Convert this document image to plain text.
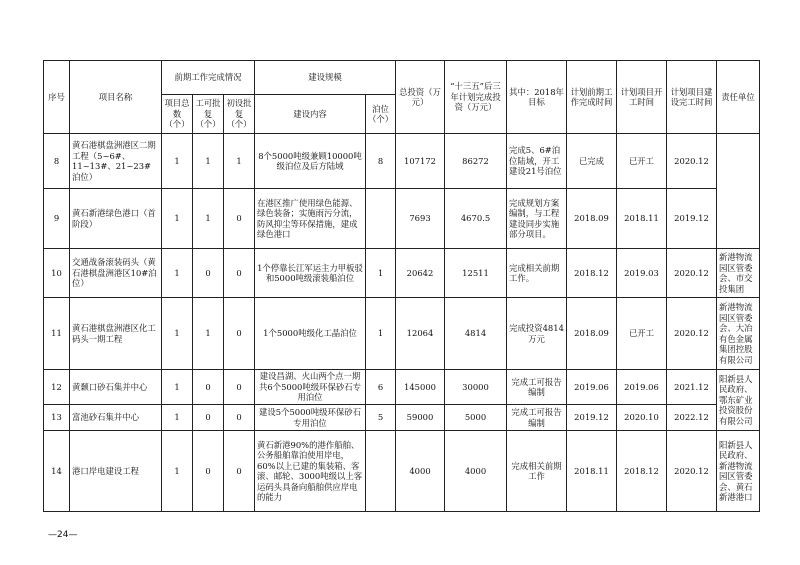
序号	项目名称	前期工作完成情况			建设规模		总投资（万元）	“十三五”后三年计划完成投资（万元）	其中：2018年目标	计划前期工作完成时间	计划项目开工时间	计划项目建设完工时间	责任单位
		项目总数（个）	工可批复（个）	初设批复（个）	建设内容	泊位（个）							
8	黄石港棋盘洲港区二期工程（5~6#、11~13#、21~23#泊位）	1	1	1	8个5000吨级兼顾10000吨级泊位及后方陆域	8	107172	86272	完成5、6#泊位陆域，开工建设21号泊位	已完成	已开工	2020.12	
9	黄石新港绿色港口（首阶段）	1	1	0	在港区推广使用绿色能源、绿色装备；实施雨污分流，防风抑尘等环保措施，建成绿色港口		7693	4670.5	完成规划方案编制，与工程建设同步实施部分项目。	2018.09	2018.11	2019.12	
10	交通战备滚装码头（黄石港棋盘洲港区10#泊位）	1	0	0	1个停靠长江军运主力甲板驳和5000吨级滚装船泊位	1	20642	12511	完成相关前期工作。	2018.12	2019.03	2020.12	新港物流园区管委会、市交投集团
11	黄石港棋盘洲港区化工码头一期工程	1	1	0	1个5000吨级化工晶泊位	1	12064	4814	完成投资4814万元	2018.09	已开工	2020.12	新港物流园区管委会、大冶有色金属集团控股有限公司
12	黄颡口砂石集并中心	1	0	0	建设昌湖、火山两个点一期共6个5000吨级环保砂石专用泊位	6	145000	30000	完成工可报告编制	2019.06	2019.06	2021.12	阳新县人民政府、鄂东矿业投资股份有限公司
13	富池砂石集并中心	1	0	0	建设5个5000吨级环保砂石专用泊位	5	59000	5000	完成工可报告编制	2019.12	2020.10	2022.12	
14	港口岸电建设工程	1	0	0	黄石新港90%的港作船舶、公务船舶靠泊使用岸电，60%以上已建的集装箱、客滚、邮轮、3000吨级以上客运码头具备向船舶供应岸电的能力		4000	4000	完成相关前期工作	2018.11	2018.12	2020.12	阳新县人民政府、新港物流园区管委会、黄石新港港口
—24—
